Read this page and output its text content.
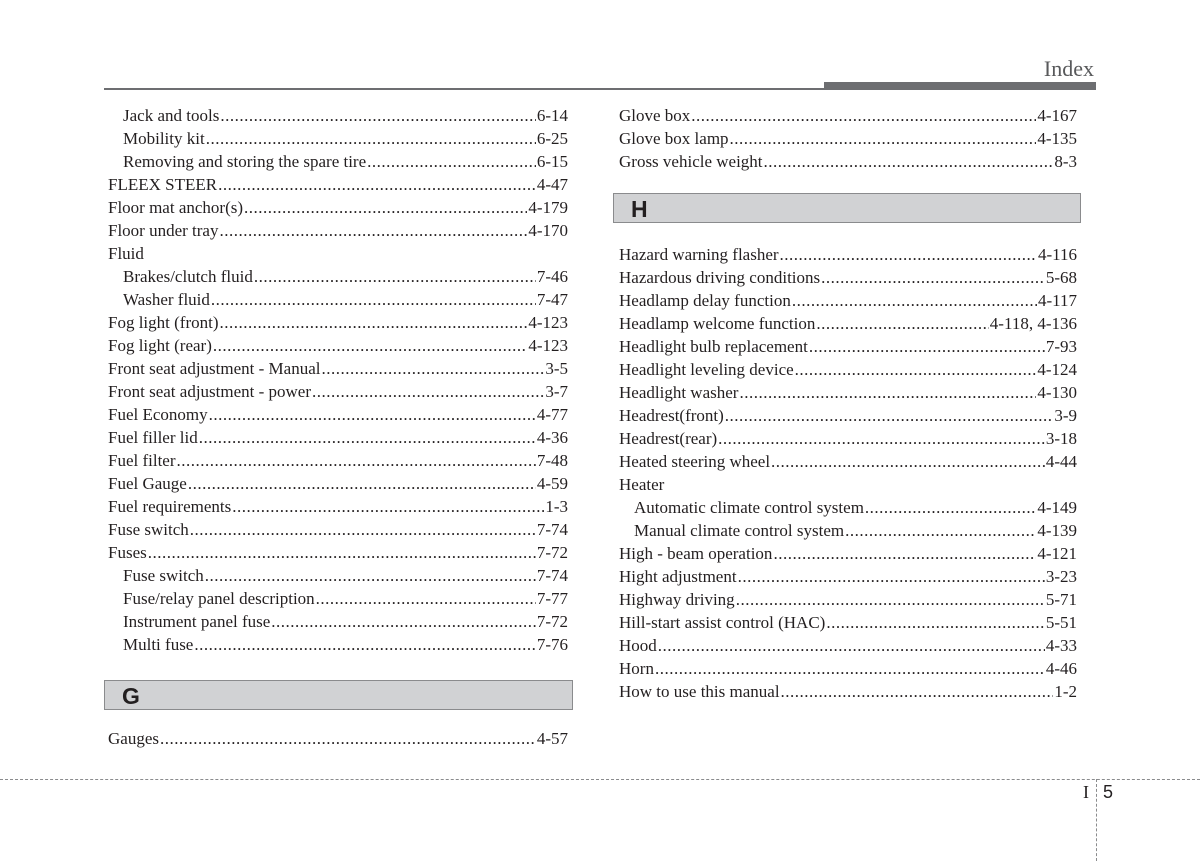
Index
Jack and tools .....	6-14
Mobility kit .....	6-25
Removing and storing the spare tire .....	6-15
FLEEX STEER .....	4-47
Floor mat anchor(s) .....	4-179
Floor under tray .....	4-170
Fluid
Brakes/clutch fluid .....	7-46
Washer fluid .....	7-47
Fog light (front) .....	4-123
Fog light (rear) .....	4-123
Front seat adjustment - Manual .....	3-5
Front seat adjustment - power .....	3-7
Fuel Economy .....	4-77
Fuel filler lid .....	4-36
Fuel filter .....	7-48
Fuel Gauge .....	4-59
Fuel requirements .....	1-3
Fuse switch .....	7-74
Fuses .....	7-72
Fuse switch .....	7-74
Fuse/relay panel description .....	7-77
Instrument panel fuse .....	7-72
Multi fuse .....	7-76
G
Gauges .....	4-57
Glove box .....	4-167
Glove box lamp .....	4-135
Gross vehicle weight .....	8-3
H
Hazard warning flasher .....	4-116
Hazardous driving conditions .....	5-68
Headlamp delay function .....	4-117
Headlamp welcome function .....	4-118, 4-136
Headlight bulb replacement .....	7-93
Headlight leveling device .....	4-124
Headlight washer .....	4-130
Headrest(front) .....	3-9
Headrest(rear) .....	3-18
Heated steering wheel .....	4-44
Heater
Automatic climate control system .....	4-149
Manual climate control system .....	4-139
High - beam operation .....	4-121
Hight adjustment .....	3-23
Highway driving .....	5-71
Hill-start assist control (HAC) .....	5-51
Hood .....	4-33
Horn .....	4-46
How to use this manual .....	1-2
I 5
